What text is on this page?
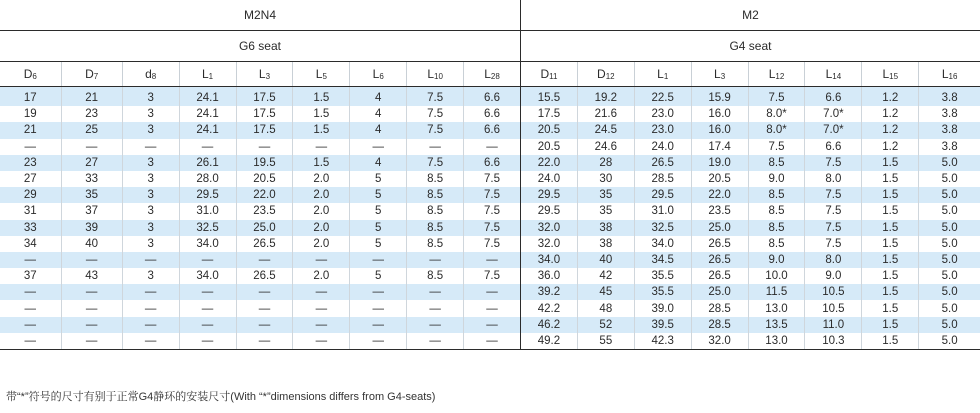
M2N4									M2							
G6 seat									G4 seat							
$D_6$	$D_7$	$d_8$	$L_1$	$L_3$	$L_5$	$L_6$	$L_{10}$	$L_{28}$	$D_{11}$	$D_{12}$	$L_1$	$L_3$	$L_{12}$	$L_{14}$	$L_{15}$	$L_{16}$
17	21	3	24.1	17.5	1.5	4	7.5	6.6	15.5	19.2	22.5	15.9	7.5	6.6	1.2	3.8
19	23	3	24.1	17.5	1.5	4	7.5	6.6	17.5	21.6	23.0	16.0	8.0*	7.0*	1.2	3.8
21	25	3	24.1	17.5	1.5	4	7.5	6.6	20.5	24.5	23.0	16.0	8.0*	7.0*	1.2	3.8
—	—	—	—	—	—	—	—	—	20.5	24.6	24.0	17.4	7.5	6.6	1.2	3.8
23	27	3	26.1	19.5	1.5	4	7.5	6.6	22.0	28	26.5	19.0	8.5	7.5	1.5	5.0
27	33	3	28.0	20.5	2.0	5	8.5	7.5	24.0	30	28.5	20.5	9.0	8.0	1.5	5.0
29	35	3	29.5	22.0	2.0	5	8.5	7.5	29.5	35	29.5	22.0	8.5	7.5	1.5	5.0
31	37	3	31.0	23.5	2.0	5	8.5	7.5	29.5	35	31.0	23.5	8.5	7.5	1.5	5.0
33	39	3	32.5	25.0	2.0	5	8.5	7.5	32.0	38	32.5	25.0	8.5	7.5	1.5	5.0
34	40	3	34.0	26.5	2.0	5	8.5	7.5	32.0	38	34.0	26.5	8.5	7.5	1.5	5.0
—	—	—	—	—	—	—	—	—	34.0	40	34.5	26.5	9.0	8.0	1.5	5.0
37	43	3	34.0	26.5	2.0	5	8.5	7.5	36.0	42	35.5	26.5	10.0	9.0	1.5	5.0
—	—	—	—	—	—	—	—	—	39.2	45	35.5	25.0	11.5	10.5	1.5	5.0
—	—	—	—	—	—	—	—	—	42.2	48	39.0	28.5	13.0	10.5	1.5	5.0
—	—	—	—	—	—	—	—	—	46.2	52	39.5	28.5	13.5	11.0	1.5	5.0
—	—	—	—	—	—	—	—	—	49.2	55	42.3	32.0	13.0	10.3	1.5	5.0
带“*”符号的尺寸有别于正常G4静环的安装尺寸(With “*”dimensions differs from G4-seats)
